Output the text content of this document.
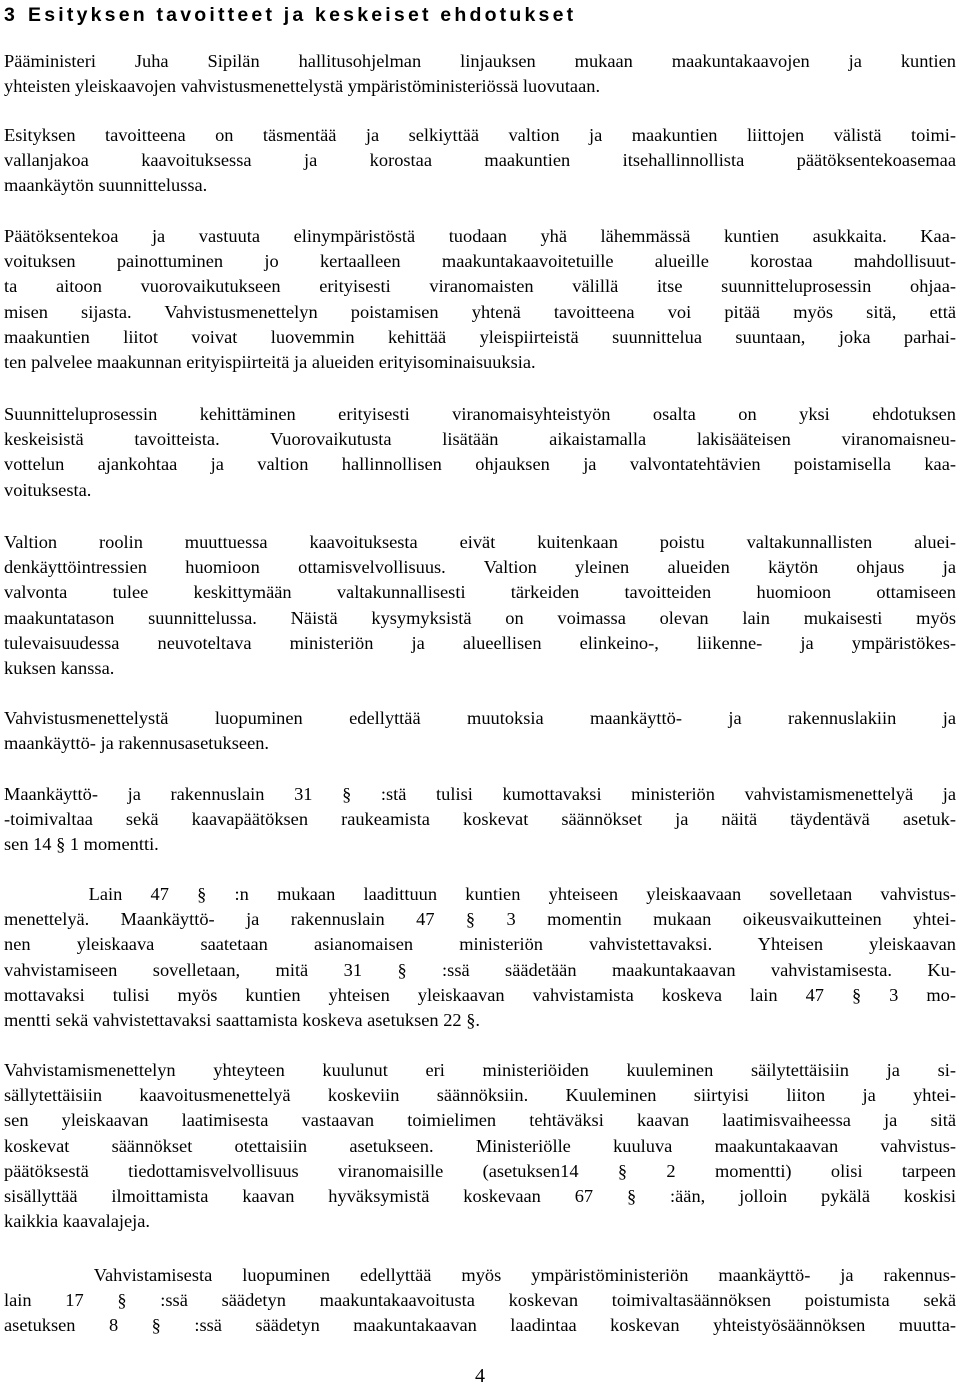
3 Esityksen tavoitteet ja keskeiset ehdotukset
Pääministeri Juha Sipilän hallitusohjelman linjauksen mukaan maakuntakaavojen ja kuntien
yhteisten yleiskaavojen vahvistusmenettelystä ympäristöministeriössä luovutaan.
Esityksen tavoitteena on täsmentää ja selkiyttää valtion ja maakuntien liittojen välistä toimi-
vallanjakoa kaavoituksessa ja korostaa maakuntien itsehallinnollista päätöksentekoasemaa
maankäytön suunnittelussa.
Päätöksentekoa ja vastuuta elinympäristöstä tuodaan yhä lähemmässä kuntien asukkaita. Kaa-
voituksen painottuminen jo kertaalleen maakuntakaavoitetuille alueille korostaa mahdollisuut-
ta aitoon vuorovaikutukseen erityisesti viranomaisten välillä itse suunnitteluprosessin ohjaa-
misen sijasta. Vahvistusmenettelyn poistamisen yhtenä tavoitteena voi pitää myös sitä, että
maakuntien liitot voivat luovemmin kehittää yleispiirteistä suunnittelua suuntaan, joka parhai-
ten palvelee maakunnan erityispiirteitä ja alueiden erityisominaisuuksia.
Suunnitteluprosessin kehittäminen erityisesti viranomaisyhteistyön osalta on yksi ehdotuksen
keskeisistä tavoitteista. Vuorovaikutusta lisätään aikaistamalla lakisääteisen viranomaisneu-
vottelun ajankohtaa ja valtion hallinnollisen ohjauksen ja valvontatehtävien poistamisella kaa-
voituksesta.
Valtion roolin muuttuessa kaavoituksesta eivät kuitenkaan poistu valtakunnallisten aluei-
denkäyttöintressien huomioon ottamisvelvollisuus. Valtion yleinen alueiden käytön ohjaus ja
valvonta tulee keskittymään valtakunnallisesti tärkeiden tavoitteiden huomioon ottamiseen
maakuntatason suunnittelussa. Näistä kysymyksistä on voimassa olevan lain mukaisesti myös
tulevaisuudessa neuvoteltava ministeriön ja alueellisen elinkeino-, liikenne- ja ympäristökes-
kuksen kanssa.
Vahvistusmenettelystä luopuminen edellyttää muutoksia maankäyttö- ja rakennuslakiin ja
maankäyttö- ja rakennusasetukseen.
Maankäyttö- ja rakennuslain 31 § :stä tulisi kumottavaksi ministeriön vahvistamismenettelyä ja
-toimivaltaa sekä kaavapäätöksen raukeamista koskevat säännökset ja näitä täydentävä asetuk-
sen 14 § 1 momentti.
Lain 47 § :n mukaan laadittuun kuntien yhteiseen yleiskaavaan sovelletaan vahvistus-
menettelyä. Maankäyttö- ja rakennuslain 47 § 3 momentin mukaan oikeusvaikutteinen yhtei-
nen yleiskaava saatetaan asianomaisen ministeriön vahvistettavaksi. Yhteisen yleiskaavan
vahvistamiseen sovelletaan, mitä 31 § :ssä säädetään maakuntakaavan vahvistamisesta. Ku-
mottavaksi tulisi myös kuntien yhteisen yleiskaavan vahvistamista koskeva lain 47 § 3 mo-
mentti sekä vahvistettavaksi saattamista koskeva asetuksen 22 §.
Vahvistamismenettelyn yhteyteen kuulunut eri ministeriöiden kuuleminen säilytettäisiin ja si-
sällytettäisiin kaavoitusmenettelyä koskeviin säännöksiin. Kuuleminen siirtyisi liiton ja yhtei-
sen yleiskaavan laatimisesta vastaavan toimielimen tehtäväksi kaavan laatimisvaiheessa ja sitä
koskevat säännökset otettaisiin asetukseen. Ministeriölle kuuluva maakuntakaavan vahvistus-
päätöksestä tiedottamisvelvollisuus viranomaisille (asetuksen14 § 2 momentti) olisi tarpeen
sisällyttää ilmoittamista kaavan hyväksymistä koskevaan 67 § :ään, jolloin pykälä koskisi
kaikkia kaavalajeja.
Vahvistamisesta luopuminen edellyttää myös ympäristöministeriön maankäyttö- ja rakennus-
lain 17 § :ssä säädetyn maakuntakaavoitusta koskevan toimivaltasäännöksen poistumista sekä
asetuksen 8 § :ssä säädetyn maakuntakaavan laadintaa koskevan yhteistyösäännöksen muutta-
4
